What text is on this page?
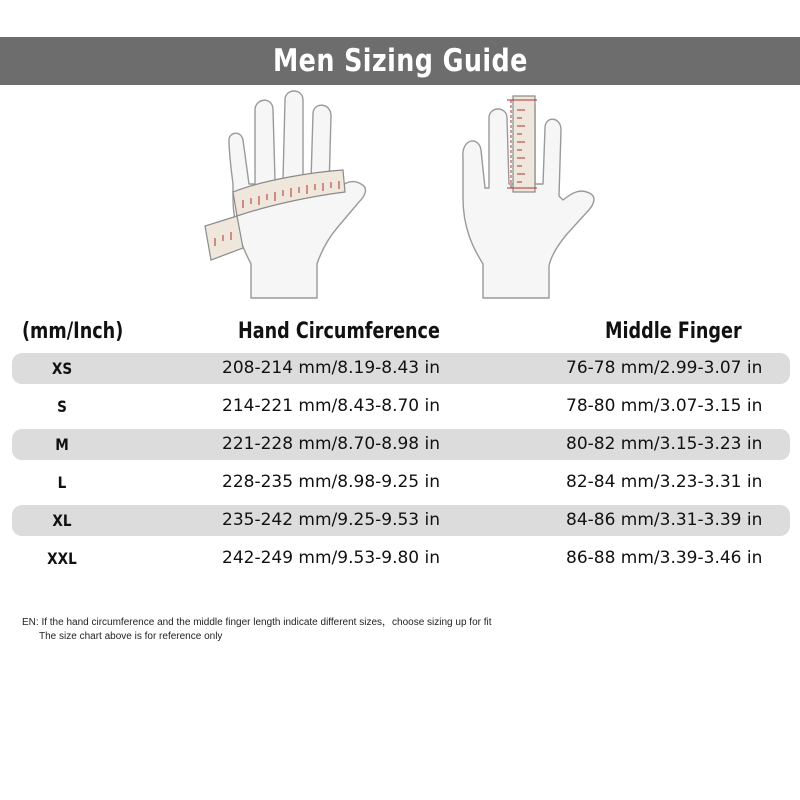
Men Sizing Guide
(mm/Inch)	Hand Circumference	Middle Finger
XS	208-214 mm/8.19-8.43 in	76-78 mm/2.99-3.07 in
S	214-221 mm/8.43-8.70 in	78-80 mm/3.07-3.15 in
M	221-228 mm/8.70-8.98 in	80-82 mm/3.15-3.23 in
L	228-235 mm/8.98-9.25 in	82-84 mm/3.23-3.31 in
XL	235-242 mm/9.25-9.53 in	84-86 mm/3.31-3.39 in
XXL	242-249 mm/9.53-9.80 in	86-88 mm/3.39-3.46 in
EN: If the hand circumference and the middle finger length indicate different sizes，choose sizing up for fit
The size chart above is for reference only
